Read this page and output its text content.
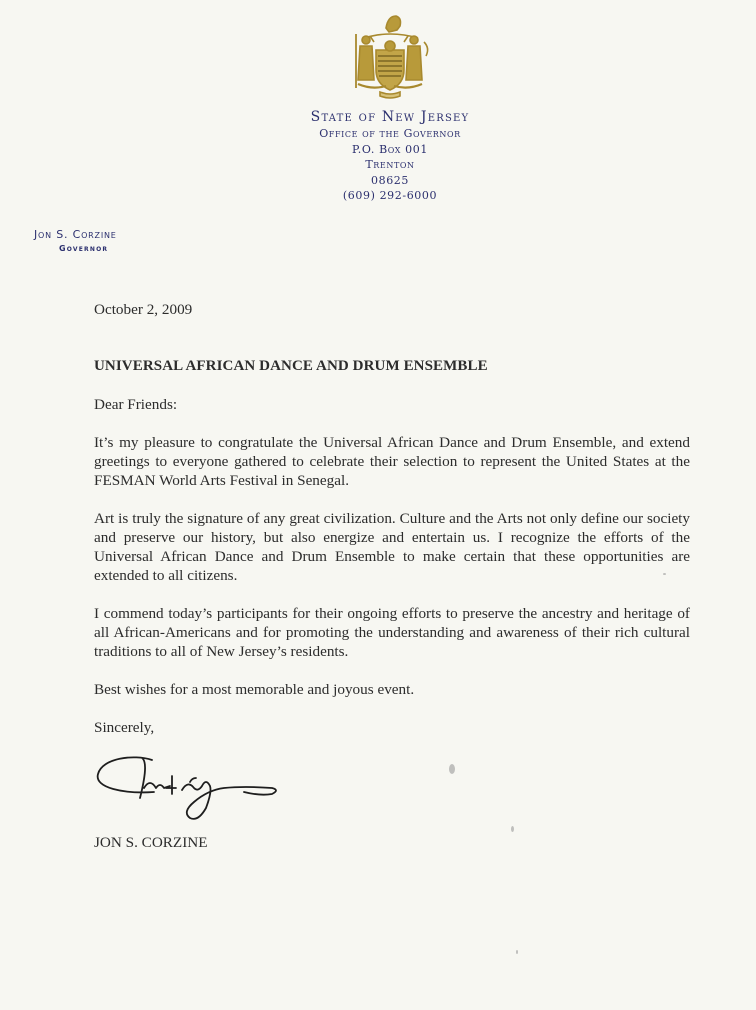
State of New Jersey
Office of the Governor
P.O. Box 001
Trenton
08625
(609) 292-6000
Jon S. Corzine
Governor

October 2, 2009

UNIVERSAL AFRICAN DANCE AND DRUM ENSEMBLE

Dear Friends:

It’s my pleasure to congratulate the Universal African Dance and Drum Ensemble, and extend greetings to everyone gathered to celebrate their selection to represent the United States at the FESMAN World Arts Festival in Senegal.

Art is truly the signature of any great civilization. Culture and the Arts not only define our society and preserve our history, but also energize and entertain us. I recognize the efforts of the Universal African Dance and Drum Ensemble to make certain that these opportunities are extended to all citizens.

I commend today’s participants for their ongoing efforts to preserve the ancestry and heritage of all African-Americans and for promoting the understanding and awareness of their rich cultural traditions to all of New Jersey’s residents.

Best wishes for a most memorable and joyous event.

Sincerely,

JON S. CORZINE
